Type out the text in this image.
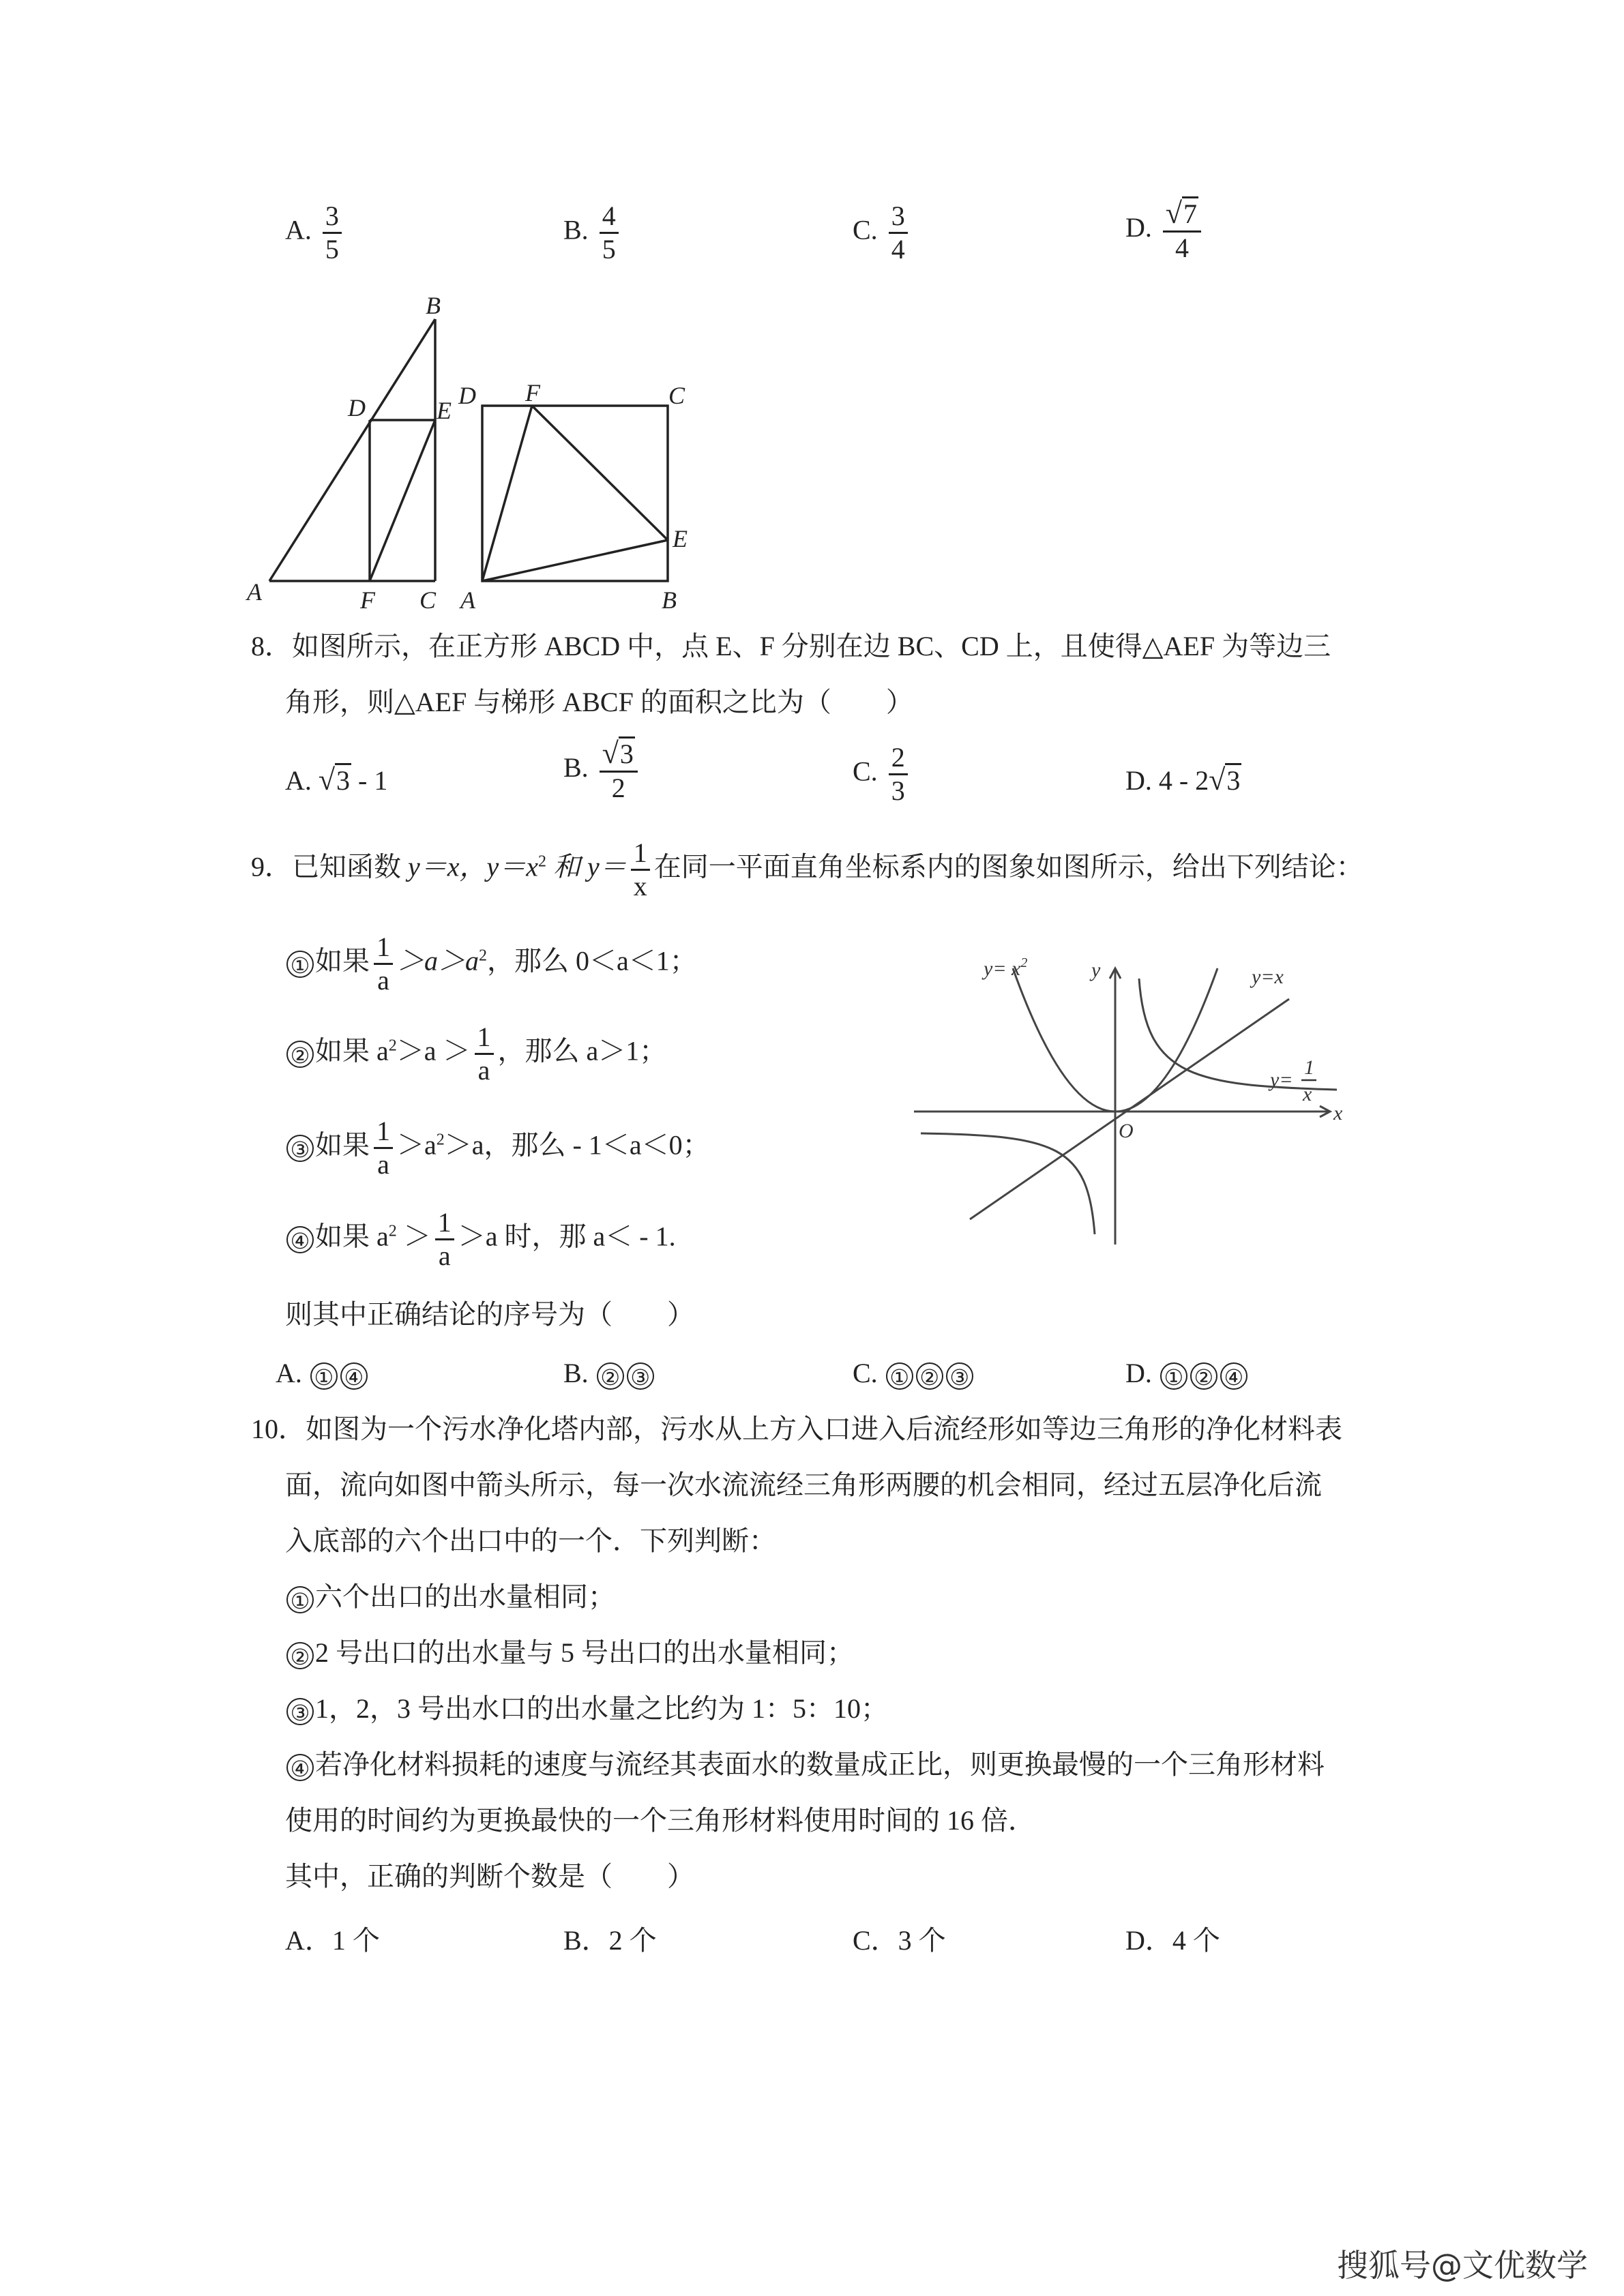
A. $\frac{3}{5}$	B. $\frac{4}{5}$	C. $\frac{3}{4}$	D. $\frac{√7}{4}$
B
D	E
A	F C
D F	C
E
A	B
8．如图所示，在正方形 ABCD 中，点 E、F 分别在边 BC、CD 上，且使得△AEF 为等边三
角形，则△AEF 与梯形 ABCF 的面积之比为（　　）
A. √3 - 1	B. $\frac{√3}{2}$	C. $\frac{2}{3}$	D. 4 - 2√3
9．已知函数 y＝x，$y=x^2$ 和 $y= \frac{1}{x}$ 在同一平面直角坐标系内的图象如图所示，给出下列结论：
① 如果 $\frac{1}{a} >a>a^2$，那么 0＜a＜1；
② 如果 $a^2>a > \frac{1}{a}$ ，那么 a＞1；
③ 如果 $\frac{1}{a} >a^2>a$，那么 - 1＜a＜0；
④ 如果 $a^2 > \frac{1}{a} >a$ 时，那 a＜ - 1.
则其中正确结论的序号为（　　）
A. ① ④	B. ② ③	C. ① ② ③	D. ① ② ④
$y= x^2$	y	y=x
y=
1
x
O
x
10．如图为一个污水净化塔内部，污水从上方入口进入后流经形如等边三角形的净化材料表
面，流向如图中箭头所示，每一次水流流经三角形两腰的机会相同，经过五层净化后流
入底部的六个出口中的一个．下列判断：
① 六个出口的出水量相同；
② 2 号出口的出水量与 5 号出口的出水量相同；
③ 1，2，3 号出水口的出水量之比约为 1：5：10；
④ 若净化材料损耗的速度与流经其表面水的数量成正比，则更换最慢的一个三角形材料
使用的时间约为更换最快的一个三角形材料使用时间的 16 倍．
其中，正确的判断个数是（　　）
A．1 个	B．2 个	C．3 个	D．4 个
搜狐号@文优数学
